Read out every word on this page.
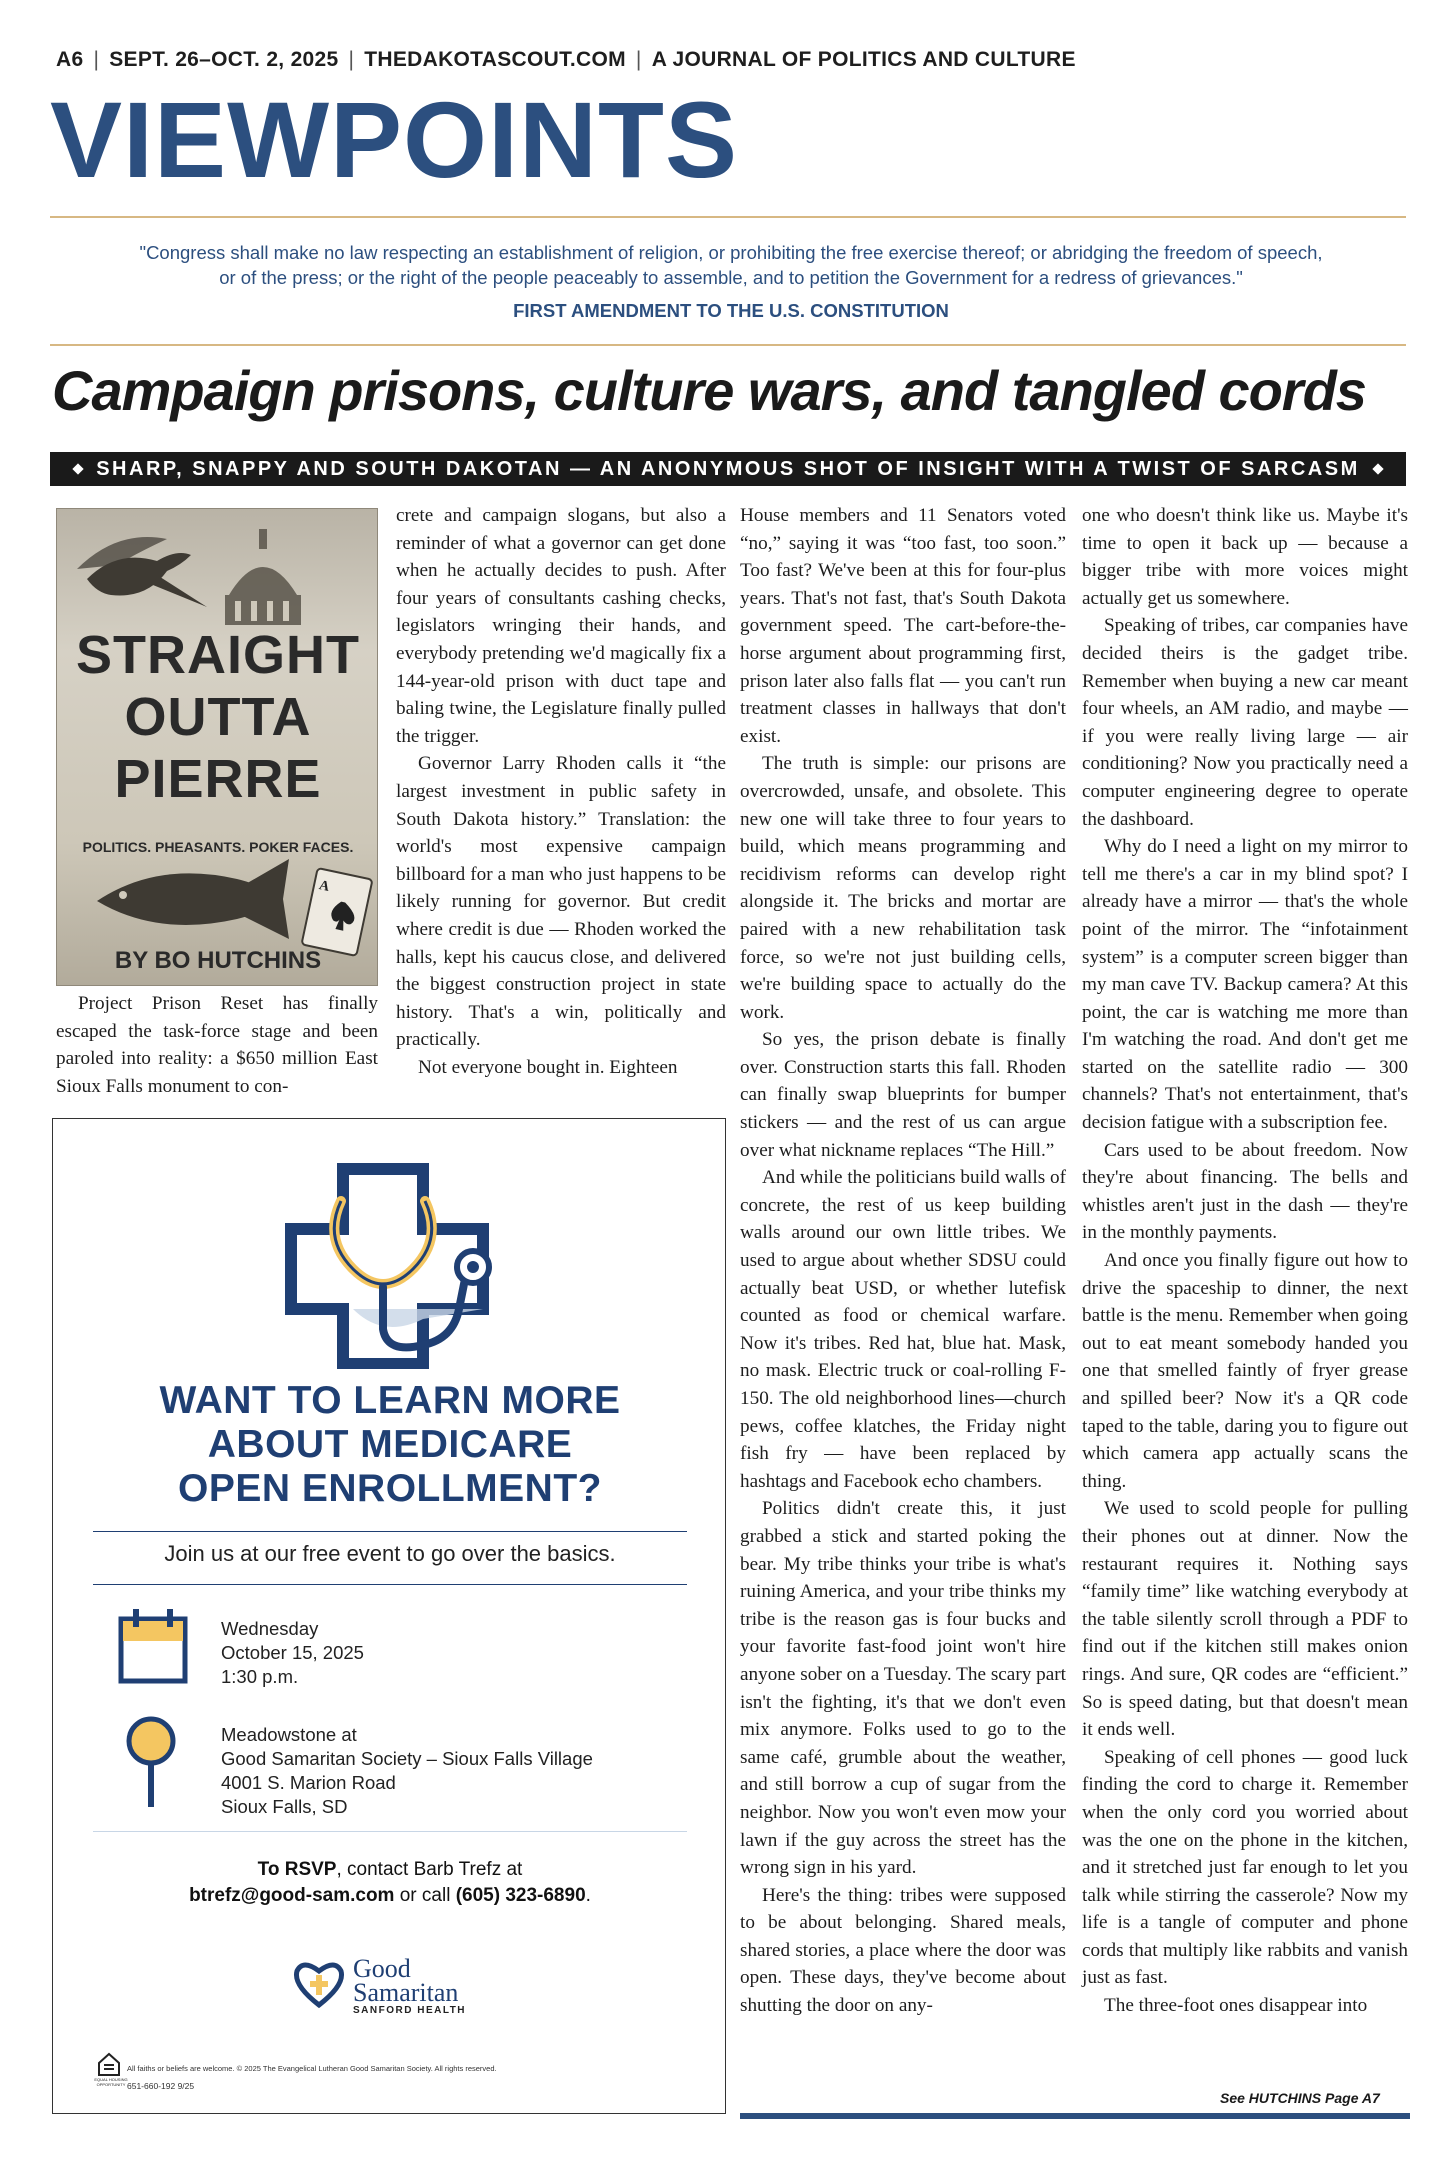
A6 | SEPT. 26–OCT. 2, 2025 | THEDAKOTASCOUT.COM | A JOURNAL OF POLITICS AND CULTURE
VIEWPOINTS
"Congress shall make no law respecting an establishment of religion, or prohibiting the free exercise thereof; or abridging the freedom of speech,
or of the press; or the right of the people peaceably to assemble, and to petition the Government for a redress of grievances."
FIRST AMENDMENT TO THE U.S. CONSTITUTION
Campaign prisons, culture wars, and tangled cords
SHARP, SNAPPY AND SOUTH DAKOTAN — AN ANONYMOUS SHOT OF INSIGHT WITH A TWIST OF SARCASM
STRAIGHT
OUTTA
PIERRE
POLITICS. PHEASANTS. POKER FACES.
A
BY BO HUTCHINS

Project Prison Reset has finally escaped the task-force stage and been paroled into reality: a $650 million East Sioux Falls monument to con-

crete and campaign slogans, but also a reminder of what a governor can get done when he actually decides to push. After four years of consultants cashing checks, legislators wringing their hands, and everybody pretending we'd magically fix a 144-year-old prison with duct tape and baling twine, the Legislature finally pulled the trigger.

Governor Larry Rhoden calls it “the largest investment in public safety in South Dakota history.” Translation: the world's most expensive campaign billboard for a man who just happens to be likely running for governor. But credit where credit is due — Rhoden worked the halls, kept his caucus close, and delivered the biggest construction project in state history. That's a win, politically and practically.

Not everyone bought in. Eighteen

House members and 11 Senators voted “no,” saying it was “too fast, too soon.” Too fast? We've been at this for four-plus years. That's not fast, that's South Dakota government speed. The cart-before-the-horse argument about programming first, prison later also falls flat — you can't run treatment classes in hallways that don't exist.

The truth is simple: our prisons are overcrowded, unsafe, and obsolete. This new one will take three to four years to build, which means programming and recidivism reforms can develop right alongside it. The bricks and mortar are paired with a new rehabilitation task force, so we're not just building cells, we're building space to actually do the work.

So yes, the prison debate is finally over. Construction starts this fall. Rhoden can finally swap blueprints for bumper stickers — and the rest of us can argue over what nickname replaces “The Hill.”

And while the politicians build walls of concrete, the rest of us keep building walls around our own little tribes. We used to argue about whether SDSU could actually beat USD, or whether lutefisk counted as food or chemical warfare. Now it's tribes. Red hat, blue hat. Mask, no mask. Electric truck or coal-rolling F-150. The old neighborhood lines—church pews, coffee klatches, the Friday night fish fry — have been replaced by hashtags and Facebook echo chambers.

Politics didn't create this, it just grabbed a stick and started poking the bear. My tribe thinks your tribe is what's ruining America, and your tribe thinks my tribe is the reason gas is four bucks and your favorite fast-food joint won't hire anyone sober on a Tuesday. The scary part isn't the fighting, it's that we don't even mix anymore. Folks used to go to the same café, grumble about the weather, and still borrow a cup of sugar from the neighbor. Now you won't even mow your lawn if the guy across the street has the wrong sign in his yard.

Here's the thing: tribes were supposed to be about belonging. Shared meals, shared stories, a place where the door was open. These days, they've become about shutting the door on any-

one who doesn't think like us. Maybe it's time to open it back up — because a bigger tribe with more voices might actually get us somewhere.

Speaking of tribes, car companies have decided theirs is the gadget tribe. Remember when buying a new car meant four wheels, an AM radio, and maybe — if you were really living large — air conditioning? Now you practically need a computer engineering degree to operate the dashboard.

Why do I need a light on my mirror to tell me there's a car in my blind spot? I already have a mirror — that's the whole point of the mirror. The “infotainment system” is a computer screen bigger than my man cave TV. Backup camera? At this point, the car is watching me more than I'm watching the road. And don't get me started on the satellite radio — 300 channels? That's not entertainment, that's decision fatigue with a subscription fee.

Cars used to be about freedom. Now they're about financing. The bells and whistles aren't just in the dash — they're in the monthly payments.

And once you finally figure out how to drive the spaceship to dinner, the next battle is the menu. Remember when going out to eat meant somebody handed you one that smelled faintly of fryer grease and spilled beer? Now it's a QR code taped to the table, daring you to figure out which camera app actually scans the thing.

We used to scold people for pulling their phones out at dinner. Now the restaurant requires it. Nothing says “family time” like watching everybody at the table silently scroll through a PDF to find out if the kitchen still makes onion rings. And sure, QR codes are “efficient.” So is speed dating, but that doesn't mean it ends well.

Speaking of cell phones — good luck finding the cord to charge it. Remember when the only cord you worried about was the one on the phone in the kitchen, and it stretched just far enough to let you talk while stirring the casserole? Now my life is a tangle of computer and phone cords that multiply like rabbits and vanish just as fast.

The three-foot ones disappear into

See HUTCHINS Page A7
WANT TO LEARN MORE
ABOUT MEDICARE
OPEN ENROLLMENT?
Join us at our free event to go over the basics.
Wednesday
October 15, 2025
1:30 p.m.
Meadowstone at
Good Samaritan Society – Sioux Falls Village
4001 S. Marion Road
Sioux Falls, SD
To RSVP, contact Barb Trefz at
btrefz@good-sam.com or call (605) 323-6890.
Good
Samaritan
SANFORD HEALTH
EQUAL HOUSING OPPORTUNITY
All faiths or beliefs are welcome. © 2025 The Evangelical Lutheran Good Samaritan Society. All rights reserved.
651-660-192 9/25
